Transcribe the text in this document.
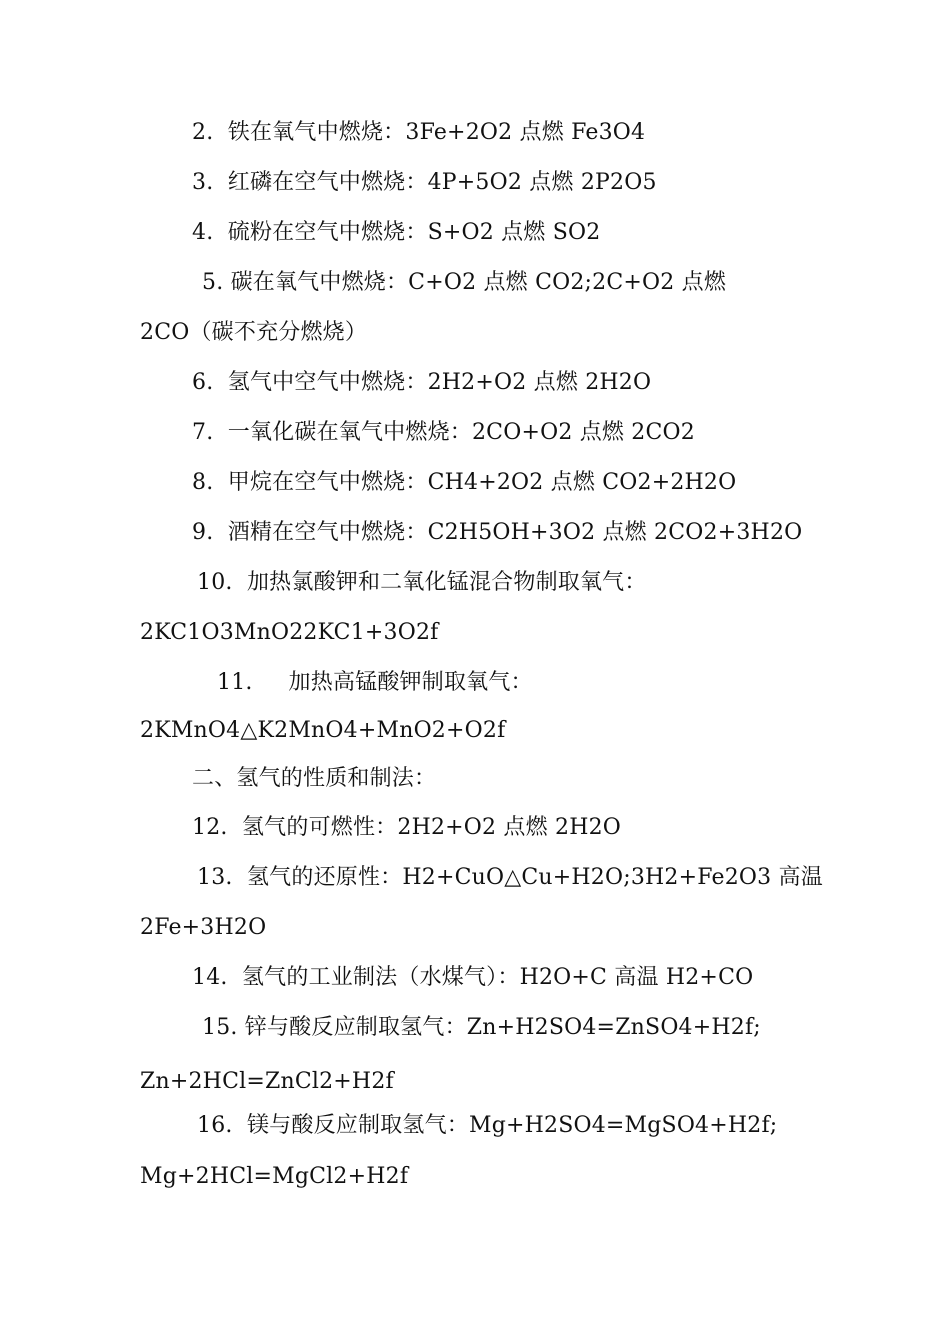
2.  铁在氧气中燃烧：3Fe+2O2 点燃 Fe3O4
3.  红磷在空气中燃烧：4P+5O2 点燃 2P2O5
4.  硫粉在空气中燃烧：S+O2 点燃 SO2
5. 碳在氧气中燃烧：C+O2 点燃 CO2;2C+O2 点燃
2CO（碳不充分燃烧）
6.  氢气中空气中燃烧：2H2+O2 点燃 2H2O
7.  一氧化碳在氧气中燃烧：2CO+O2 点燃 2CO2
8.  甲烷在空气中燃烧：CH4+2O2 点燃 CO2+2H2O
9.  酒精在空气中燃烧：C2H5OH+3O2 点燃 2CO2+3H2O
10.  加热氯酸钾和二氧化锰混合物制取氧气：
2KC1O3MnO22KC1+3O2f
11.     加热高锰酸钾制取氧气：
2KMnO4△K2MnO4+MnO2+O2f
二、氢气的性质和制法：
12.  氢气的可燃性：2H2+O2 点燃 2H2O
13.  氢气的还原性：H2+CuO△Cu+H2O;3H2+Fe2O3 高温
2Fe+3H2O
14.  氢气的工业制法（水煤气）：H2O+C 高温 H2+CO
15. 锌与酸反应制取氢气：Zn+H2SO4=ZnSO4+H2f;
Zn+2HCl=ZnCl2+H2f
16.  镁与酸反应制取氢气：Mg+H2SO4=MgSO4+H2f;
Mg+2HCl=MgCl2+H2f
